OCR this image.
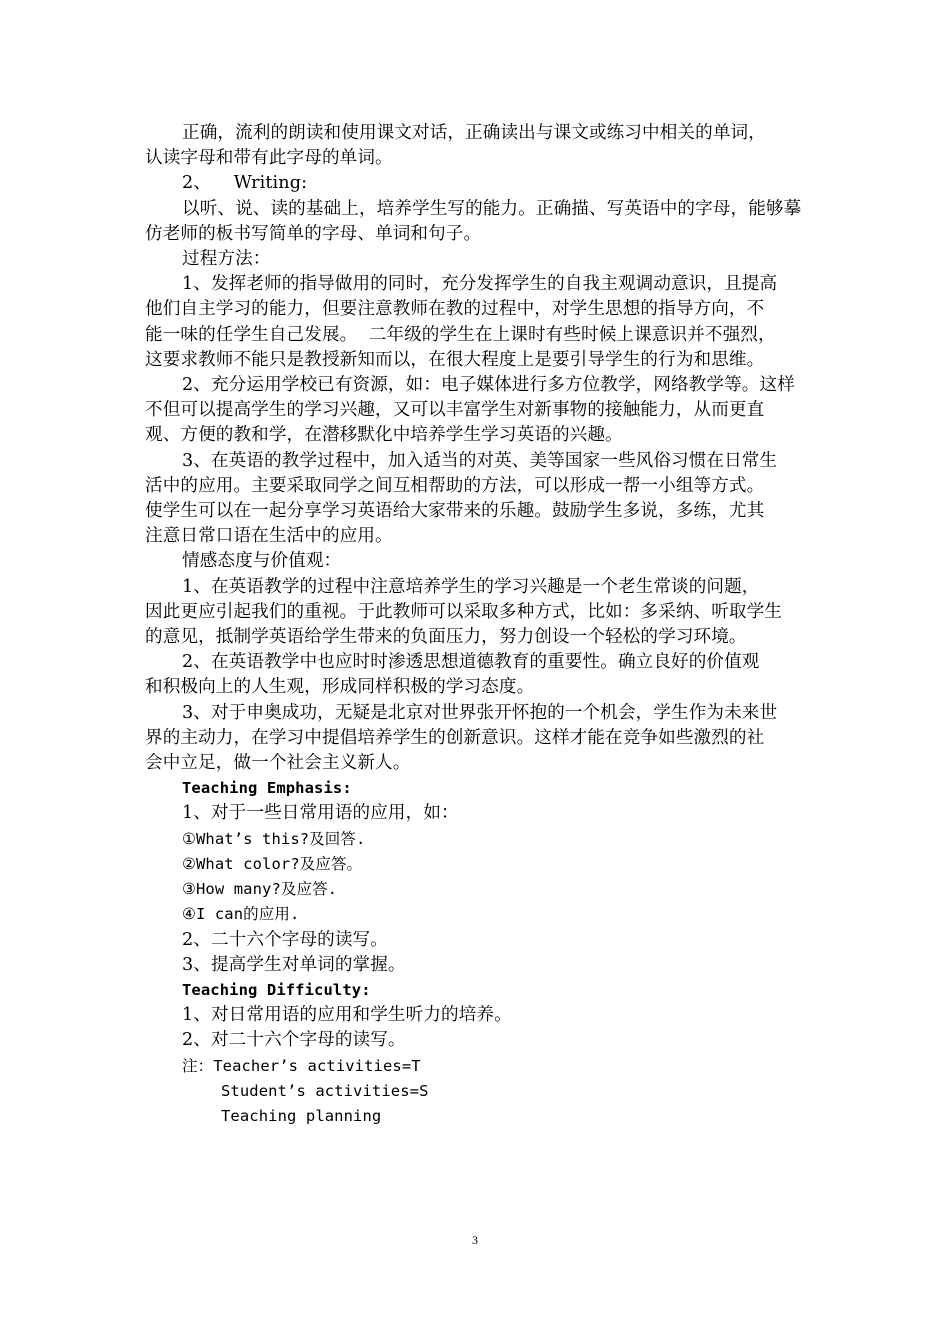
正确，流利的朗读和使用课文对话，正确读出与课文或练习中相关的单词，
认读字母和带有此字母的单词。
2、    Writing:
以听、说、读的基础上，培养学生写的能力。正确描、写英语中的字母，能够摹
仿老师的板书写简单的字母、单词和句子。
过程方法：
1、发挥老师的指导做用的同时，充分发挥学生的自我主观调动意识，且提高
他们自主学习的能力，但要注意教师在教的过程中，对学生思想的指导方向，不
能一味的任学生自己发展。  二年级的学生在上课时有些时候上课意识并不强烈，
这要求教师不能只是教授新知而以，在很大程度上是要引导学生的行为和思维。
2、充分运用学校已有资源，如：电子媒体进行多方位教学，网络教学等。这样
不但可以提高学生的学习兴趣，又可以丰富学生对新事物的接触能力，从而更直
观、方便的教和学，在潜移默化中培养学生学习英语的兴趣。
3、在英语的教学过程中，加入适当的对英、美等国家一些风俗习惯在日常生
活中的应用。主要采取同学之间互相帮助的方法，可以形成一帮一小组等方式。
使学生可以在一起分享学习英语给大家带来的乐趣。鼓励学生多说，多练，尤其
注意日常口语在生活中的应用。
情感态度与价值观：
1、在英语教学的过程中注意培养学生的学习兴趣是一个老生常谈的问题，
因此更应引起我们的重视。于此教师可以采取多种方式，比如：多采纳、听取学生
的意见，抵制学英语给学生带来的负面压力，努力创设一个轻松的学习环境。
2、在英语教学中也应时时渗透思想道德教育的重要性。确立良好的价值观
和积极向上的人生观，形成同样积极的学习态度。
3、对于申奥成功，无疑是北京对世界张开怀抱的一个机会，学生作为未来世
界的主动力，在学习中提倡培养学生的创新意识。这样才能在竞争如些激烈的社
会中立足，做一个社会主义新人。
Teaching Emphasis:
1、对于一些日常用语的应用，如：
①What’s this?及回答.
②What color?及应答。
③How many?及应答.
④I can的应用.
2、二十六个字母的读写。
3、提高学生对单词的掌握。
Teaching Difficulty:
1、对日常用语的应用和学生听力的培养。
2、对二十六个字母的读写。
注：Teacher’s activities=T
Student’s activities=S
Teaching planning
3
